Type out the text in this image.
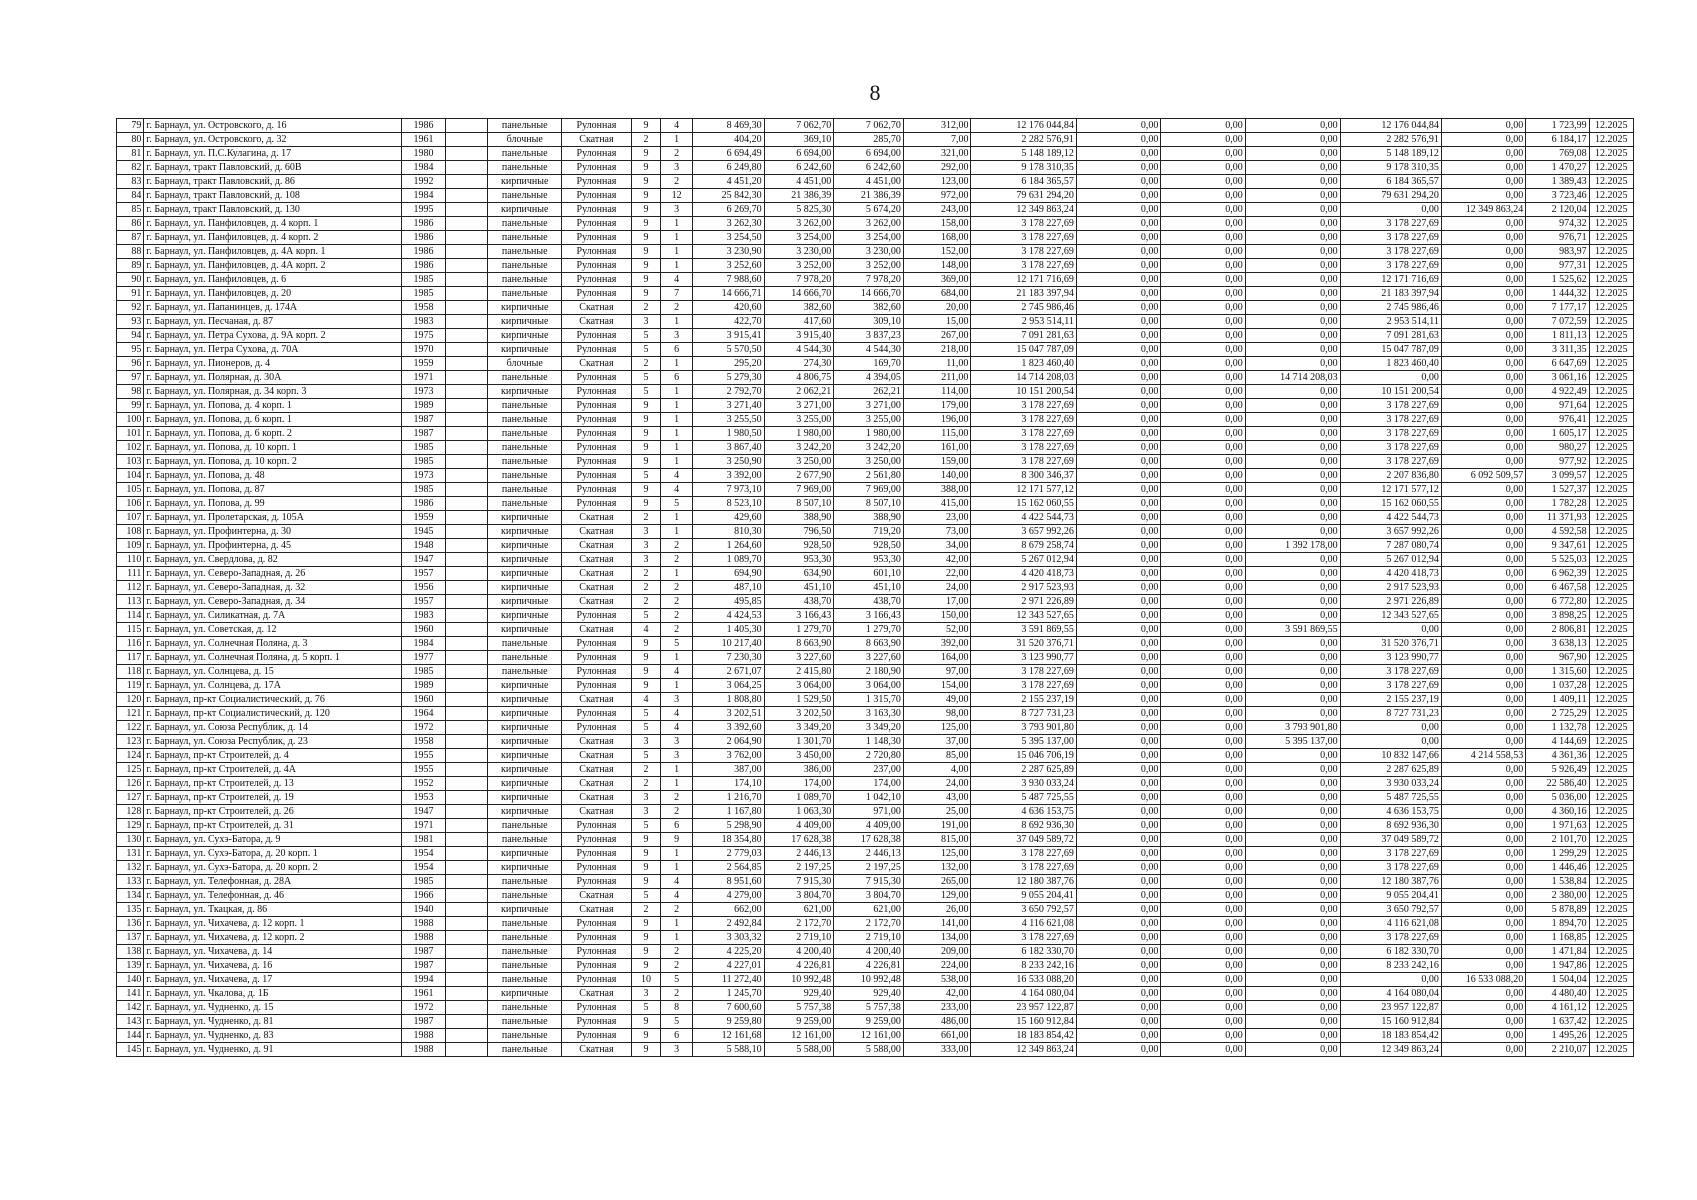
8
79	г. Барнаул, ул. Островского, д. 16	1986		панельные	Рулонная	9	4	8 469,30	7 062,70	7 062,70	312,00	12 176 044,84	0,00	0,00	0,00	12 176 044,84	0,00	1 723,99	12.2025
80	г. Барнаул, ул. Островского, д. 32	1961		блочные	Скатная	2	1	404,20	369,10	285,70	7,00	2 282 576,91	0,00	0,00	0,00	2 282 576,91	0,00	6 184,17	12.2025
81	г. Барнаул, ул. П.С.Кулагина, д. 17	1980		панельные	Рулонная	9	2	6 694,49	6 694,00	6 694,00	321,00	5 148 189,12	0,00	0,00	0,00	5 148 189,12	0,00	769,08	12.2025
82	г. Барнаул, тракт Павловский, д. 60В	1984		панельные	Рулонная	9	3	6 249,80	6 242,60	6 242,60	292,00	9 178 310,35	0,00	0,00	0,00	9 178 310,35	0,00	1 470,27	12.2025
83	г. Барнаул, тракт Павловский, д. 86	1992		кирпичные	Рулонная	9	2	4 451,20	4 451,00	4 451,00	123,00	6 184 365,57	0,00	0,00	0,00	6 184 365,57	0,00	1 389,43	12.2025
84	г. Барнаул, тракт Павловский, д. 108	1984		панельные	Рулонная	9	12	25 842,30	21 386,39	21 386,39	972,00	79 631 294,20	0,00	0,00	0,00	79 631 294,20	0,00	3 723,46	12.2025
85	г. Барнаул, тракт Павловский, д. 130	1995		кирпичные	Рулонная	9	3	6 269,70	5 825,30	5 674,20	243,00	12 349 863,24	0,00	0,00	0,00	0,00	12 349 863,24	2 120,04	12.2025
86	г. Барнаул, ул. Панфиловцев, д. 4 корп. 1	1986		панельные	Рулонная	9	1	3 262,30	3 262,00	3 262,00	158,00	3 178 227,69	0,00	0,00	0,00	3 178 227,69	0,00	974,32	12.2025
87	г. Барнаул, ул. Панфиловцев, д. 4 корп. 2	1986		панельные	Рулонная	9	1	3 254,50	3 254,00	3 254,00	168,00	3 178 227,69	0,00	0,00	0,00	3 178 227,69	0,00	976,71	12.2025
88	г. Барнаул, ул. Панфиловцев, д. 4А корп. 1	1986		панельные	Рулонная	9	1	3 230,90	3 230,00	3 230,00	152,00	3 178 227,69	0,00	0,00	0,00	3 178 227,69	0,00	983,97	12.2025
89	г. Барнаул, ул. Панфиловцев, д. 4А корп. 2	1986		панельные	Рулонная	9	1	3 252,60	3 252,00	3 252,00	148,00	3 178 227,69	0,00	0,00	0,00	3 178 227,69	0,00	977,31	12.2025
90	г. Барнаул, ул. Панфиловцев, д. 6	1985		панельные	Рулонная	9	4	7 988,60	7 978,20	7 978,20	369,00	12 171 716,69	0,00	0,00	0,00	12 171 716,69	0,00	1 525,62	12.2025
91	г. Барнаул, ул. Панфиловцев, д. 20	1985		панельные	Рулонная	9	7	14 666,71	14 666,70	14 666,70	684,00	21 183 397,94	0,00	0,00	0,00	21 183 397,94	0,00	1 444,32	12.2025
92	г. Барнаул, ул. Папанинцев, д. 174А	1958		кирпичные	Скатная	2	2	420,60	382,60	382,60	20,00	2 745 986,46	0,00	0,00	0,00	2 745 986,46	0,00	7 177,17	12.2025
93	г. Барнаул, ул. Песчаная, д. 87	1983		кирпичные	Скатная	3	1	422,70	417,60	309,10	15,00	2 953 514,11	0,00	0,00	0,00	2 953 514,11	0,00	7 072,59	12.2025
94	г. Барнаул, ул. Петра Сухова, д. 9А корп. 2	1975		кирпичные	Рулонная	5	3	3 915,41	3 915,40	3 837,23	267,00	7 091 281,63	0,00	0,00	0,00	7 091 281,63	0,00	1 811,13	12.2025
95	г. Барнаул, ул. Петра Сухова, д. 70А	1970		кирпичные	Рулонная	5	6	5 570,50	4 544,30	4 544,30	218,00	15 047 787,09	0,00	0,00	0,00	15 047 787,09	0,00	3 311,35	12.2025
96	г. Барнаул, ул. Пионеров, д. 4	1959		блочные	Скатная	2	1	295,20	274,30	169,70	11,00	1 823 460,40	0,00	0,00	0,00	1 823 460,40	0,00	6 647,69	12.2025
97	г. Барнаул, ул. Полярная, д. 30А	1971		панельные	Рулонная	5	6	5 279,30	4 806,75	4 394,05	211,00	14 714 208,03	0,00	0,00	14 714 208,03	0,00	0,00	3 061,16	12.2025
98	г. Барнаул, ул. Полярная, д. 34 корп. 3	1973		кирпичные	Рулонная	5	1	2 792,70	2 062,21	262,21	114,00	10 151 200,54	0,00	0,00	0,00	10 151 200,54	0,00	4 922,49	12.2025
99	г. Барнаул, ул. Попова, д. 4 корп. 1	1989		панельные	Рулонная	9	1	3 271,40	3 271,00	3 271,00	179,00	3 178 227,69	0,00	0,00	0,00	3 178 227,69	0,00	971,64	12.2025
100	г. Барнаул, ул. Попова, д. 6 корп. 1	1987		панельные	Рулонная	9	1	3 255,50	3 255,00	3 255,00	196,00	3 178 227,69	0,00	0,00	0,00	3 178 227,69	0,00	976,41	12.2025
101	г. Барнаул, ул. Попова, д. 6 корп. 2	1987		панельные	Рулонная	9	1	1 980,50	1 980,00	1 980,00	115,00	3 178 227,69	0,00	0,00	0,00	3 178 227,69	0,00	1 605,17	12.2025
102	г. Барнаул, ул. Попова, д. 10 корп. 1	1985		панельные	Рулонная	9	1	3 867,40	3 242,20	3 242,20	161,00	3 178 227,69	0,00	0,00	0,00	3 178 227,69	0,00	980,27	12.2025
103	г. Барнаул, ул. Попова, д. 10 корп. 2	1985		панельные	Рулонная	9	1	3 250,90	3 250,00	3 250,00	159,00	3 178 227,69	0,00	0,00	0,00	3 178 227,69	0,00	977,92	12.2025
104	г. Барнаул, ул. Попова, д. 48	1973		панельные	Рулонная	5	4	3 392,00	2 677,90	2 561,80	140,00	8 300 346,37	0,00	0,00	0,00	2 207 836,80	6 092 509,57	3 099,57	12.2025
105	г. Барнаул, ул. Попова, д. 87	1985		панельные	Рулонная	9	4	7 973,10	7 969,00	7 969,00	388,00	12 171 577,12	0,00	0,00	0,00	12 171 577,12	0,00	1 527,37	12.2025
106	г. Барнаул, ул. Попова, д. 99	1986		панельные	Рулонная	9	5	8 523,10	8 507,10	8 507,10	415,00	15 162 060,55	0,00	0,00	0,00	15 162 060,55	0,00	1 782,28	12.2025
107	г. Барнаул, ул. Пролетарская, д. 105А	1959		кирпичные	Скатная	2	1	429,60	388,90	388,90	23,00	4 422 544,73	0,00	0,00	0,00	4 422 544,73	0,00	11 371,93	12.2025
108	г. Барнаул, ул. Профинтерна, д. 30	1945		кирпичные	Скатная	3	1	810,30	796,50	719,20	73,00	3 657 992,26	0,00	0,00	0,00	3 657 992,26	0,00	4 592,58	12.2025
109	г. Барнаул, ул. Профинтерна, д. 45	1948		кирпичные	Скатная	3	2	1 264,60	928,50	928,50	34,00	8 679 258,74	0,00	0,00	1 392 178,00	7 287 080,74	0,00	9 347,61	12.2025
110	г. Барнаул, ул. Свердлова, д. 82	1947		кирпичные	Скатная	3	2	1 089,70	953,30	953,30	42,00	5 267 012,94	0,00	0,00	0,00	5 267 012,94	0,00	5 525,03	12.2025
111	г. Барнаул, ул. Северо-Западная, д. 26	1957		кирпичные	Скатная	2	1	694,90	634,90	601,10	22,00	4 420 418,73	0,00	0,00	0,00	4 420 418,73	0,00	6 962,39	12.2025
112	г. Барнаул, ул. Северо-Западная, д. 32	1956		кирпичные	Скатная	2	2	487,10	451,10	451,10	24,00	2 917 523,93	0,00	0,00	0,00	2 917 523,93	0,00	6 467,58	12.2025
113	г. Барнаул, ул. Северо-Западная, д. 34	1957		кирпичные	Скатная	2	2	495,85	438,70	438,70	17,00	2 971 226,89	0,00	0,00	0,00	2 971 226,89	0,00	6 772,80	12.2025
114	г. Барнаул, ул. Силикатная, д. 7А	1983		кирпичные	Рулонная	5	2	4 424,53	3 166,43	3 166,43	150,00	12 343 527,65	0,00	0,00	0,00	12 343 527,65	0,00	3 898,25	12.2025
115	г. Барнаул, ул. Советская, д. 12	1960		кирпичные	Скатная	4	2	1 405,30	1 279,70	1 279,70	52,00	3 591 869,55	0,00	0,00	3 591 869,55	0,00	0,00	2 806,81	12.2025
116	г. Барнаул, ул. Солнечная Поляна, д. 3	1984		панельные	Рулонная	9	5	10 217,40	8 663,90	8 663,90	392,00	31 520 376,71	0,00	0,00	0,00	31 520 376,71	0,00	3 638,13	12.2025
117	г. Барнаул, ул. Солнечная Поляна, д. 5 корп. 1	1977		панельные	Рулонная	9	1	7 230,30	3 227,60	3 227,60	164,00	3 123 990,77	0,00	0,00	0,00	3 123 990,77	0,00	967,90	12.2025
118	г. Барнаул, ул. Солнцева, д. 15	1985		панельные	Рулонная	9	4	2 671,07	2 415,80	2 180,90	97,00	3 178 227,69	0,00	0,00	0,00	3 178 227,69	0,00	1 315,60	12.2025
119	г. Барнаул, ул. Солнцева, д. 17А	1989		кирпичные	Рулонная	9	1	3 064,25	3 064,00	3 064,00	154,00	3 178 227,69	0,00	0,00	0,00	3 178 227,69	0,00	1 037,28	12.2025
120	г. Барнаул, пр-кт Социалистический, д. 76	1960		кирпичные	Скатная	4	3	1 808,80	1 529,50	1 315,70	49,00	2 155 237,19	0,00	0,00	0,00	2 155 237,19	0,00	1 409,11	12.2025
121	г. Барнаул, пр-кт Социалистический, д. 120	1964		кирпичные	Рулонная	5	4	3 202,51	3 202,50	3 163,30	98,00	8 727 731,23	0,00	0,00	0,00	8 727 731,23	0,00	2 725,29	12.2025
122	г. Барнаул, ул. Союза Республик, д. 14	1972		кирпичные	Рулонная	5	4	3 392,60	3 349,20	3 349,20	125,00	3 793 901,80	0,00	0,00	3 793 901,80	0,00	0,00	1 132,78	12.2025
123	г. Барнаул, ул. Союза Республик, д. 23	1958		кирпичные	Скатная	3	3	2 064,90	1 301,70	1 148,30	37,00	5 395 137,00	0,00	0,00	5 395 137,00	0,00	0,00	4 144,69	12.2025
124	г. Барнаул, пр-кт Строителей, д. 4	1955		кирпичные	Скатная	5	3	3 762,00	3 450,00	2 720,80	85,00	15 046 706,19	0,00	0,00	0,00	10 832 147,66	4 214 558,53	4 361,36	12.2025
125	г. Барнаул, пр-кт Строителей, д. 4А	1955		кирпичные	Скатная	2	1	387,00	386,00	237,00	4,00	2 287 625,89	0,00	0,00	0,00	2 287 625,89	0,00	5 926,49	12.2025
126	г. Барнаул, пр-кт Строителей, д. 13	1952		кирпичные	Скатная	2	1	174,10	174,00	174,00	24,00	3 930 033,24	0,00	0,00	0,00	3 930 033,24	0,00	22 586,40	12.2025
127	г. Барнаул, пр-кт Строителей, д. 19	1953		кирпичные	Скатная	3	2	1 216,70	1 089,70	1 042,10	43,00	5 487 725,55	0,00	0,00	0,00	5 487 725,55	0,00	5 036,00	12.2025
128	г. Барнаул, пр-кт Строителей, д. 26	1947		кирпичные	Скатная	3	2	1 167,80	1 063,30	971,00	25,00	4 636 153,75	0,00	0,00	0,00	4 636 153,75	0,00	4 360,16	12.2025
129	г. Барнаул, пр-кт Строителей, д. 31	1971		панельные	Рулонная	5	6	5 298,90	4 409,00	4 409,00	191,00	8 692 936,30	0,00	0,00	0,00	8 692 936,30	0,00	1 971,63	12.2025
130	г. Барнаул, ул. Сухэ-Батора, д. 9	1981		панельные	Рулонная	9	9	18 354,80	17 628,38	17 628,38	815,00	37 049 589,72	0,00	0,00	0,00	37 049 589,72	0,00	2 101,70	12.2025
131	г. Барнаул, ул. Сухэ-Батора, д. 20 корп. 1	1954		кирпичные	Рулонная	9	1	2 779,03	2 446,13	2 446,13	125,00	3 178 227,69	0,00	0,00	0,00	3 178 227,69	0,00	1 299,29	12.2025
132	г. Барнаул, ул. Сухэ-Батора, д. 20 корп. 2	1954		кирпичные	Рулонная	9	1	2 564,85	2 197,25	2 197,25	132,00	3 178 227,69	0,00	0,00	0,00	3 178 227,69	0,00	1 446,46	12.2025
133	г. Барнаул, ул. Телефонная, д. 28А	1985		панельные	Рулонная	9	4	8 951,60	7 915,30	7 915,30	265,00	12 180 387,76	0,00	0,00	0,00	12 180 387,76	0,00	1 538,84	12.2025
134	г. Барнаул, ул. Телефонная, д. 46	1966		панельные	Скатная	5	4	4 279,00	3 804,70	3 804,70	129,00	9 055 204,41	0,00	0,00	0,00	9 055 204,41	0,00	2 380,00	12.2025
135	г. Барнаул, ул. Ткацкая, д. 86	1940		кирпичные	Скатная	2	2	662,00	621,00	621,00	26,00	3 650 792,57	0,00	0,00	0,00	3 650 792,57	0,00	5 878,89	12.2025
136	г. Барнаул, ул. Чихачева, д. 12 корп. 1	1988		панельные	Рулонная	9	1	2 492,84	2 172,70	2 172,70	141,00	4 116 621,08	0,00	0,00	0,00	4 116 621,08	0,00	1 894,70	12.2025
137	г. Барнаул, ул. Чихачева, д. 12 корп. 2	1988		панельные	Рулонная	9	1	3 303,32	2 719,10	2 719,10	134,00	3 178 227,69	0,00	0,00	0,00	3 178 227,69	0,00	1 168,85	12.2025
138	г. Барнаул, ул. Чихачева, д. 14	1987		панельные	Рулонная	9	2	4 225,20	4 200,40	4 200,40	209,00	6 182 330,70	0,00	0,00	0,00	6 182 330,70	0,00	1 471,84	12.2025
139	г. Барнаул, ул. Чихачева, д. 16	1987		панельные	Рулонная	9	2	4 227,01	4 226,81	4 226,81	224,00	8 233 242,16	0,00	0,00	0,00	8 233 242,16	0,00	1 947,86	12.2025
140	г. Барнаул, ул. Чихачева, д. 17	1994		панельные	Рулонная	10	5	11 272,40	10 992,48	10 992,48	538,00	16 533 088,20	0,00	0,00	0,00	0,00	16 533 088,20	1 504,04	12.2025
141	г. Барнаул, ул. Чкалова, д. 1Б	1961		кирпичные	Скатная	3	2	1 245,70	929,40	929,40	42,00	4 164 080,04	0,00	0,00	0,00	4 164 080,04	0,00	4 480,40	12.2025
142	г. Барнаул, ул. Чудненко, д. 15	1972		панельные	Рулонная	5	8	7 600,60	5 757,38	5 757,38	233,00	23 957 122,87	0,00	0,00	0,00	23 957 122,87	0,00	4 161,12	12.2025
143	г. Барнаул, ул. Чудненко, д. 81	1987		панельные	Рулонная	9	5	9 259,80	9 259,00	9 259,00	486,00	15 160 912,84	0,00	0,00	0,00	15 160 912,84	0,00	1 637,42	12.2025
144	г. Барнаул, ул. Чудненко, д. 83	1988		панельные	Рулонная	9	6	12 161,68	12 161,00	12 161,00	661,00	18 183 854,42	0,00	0,00	0,00	18 183 854,42	0,00	1 495,26	12.2025
145	г. Барнаул, ул. Чудненко, д. 91	1988		панельные	Скатная	9	3	5 588,10	5 588,00	5 588,00	333,00	12 349 863,24	0,00	0,00	0,00	12 349 863,24	0,00	2 210,07	12.2025
